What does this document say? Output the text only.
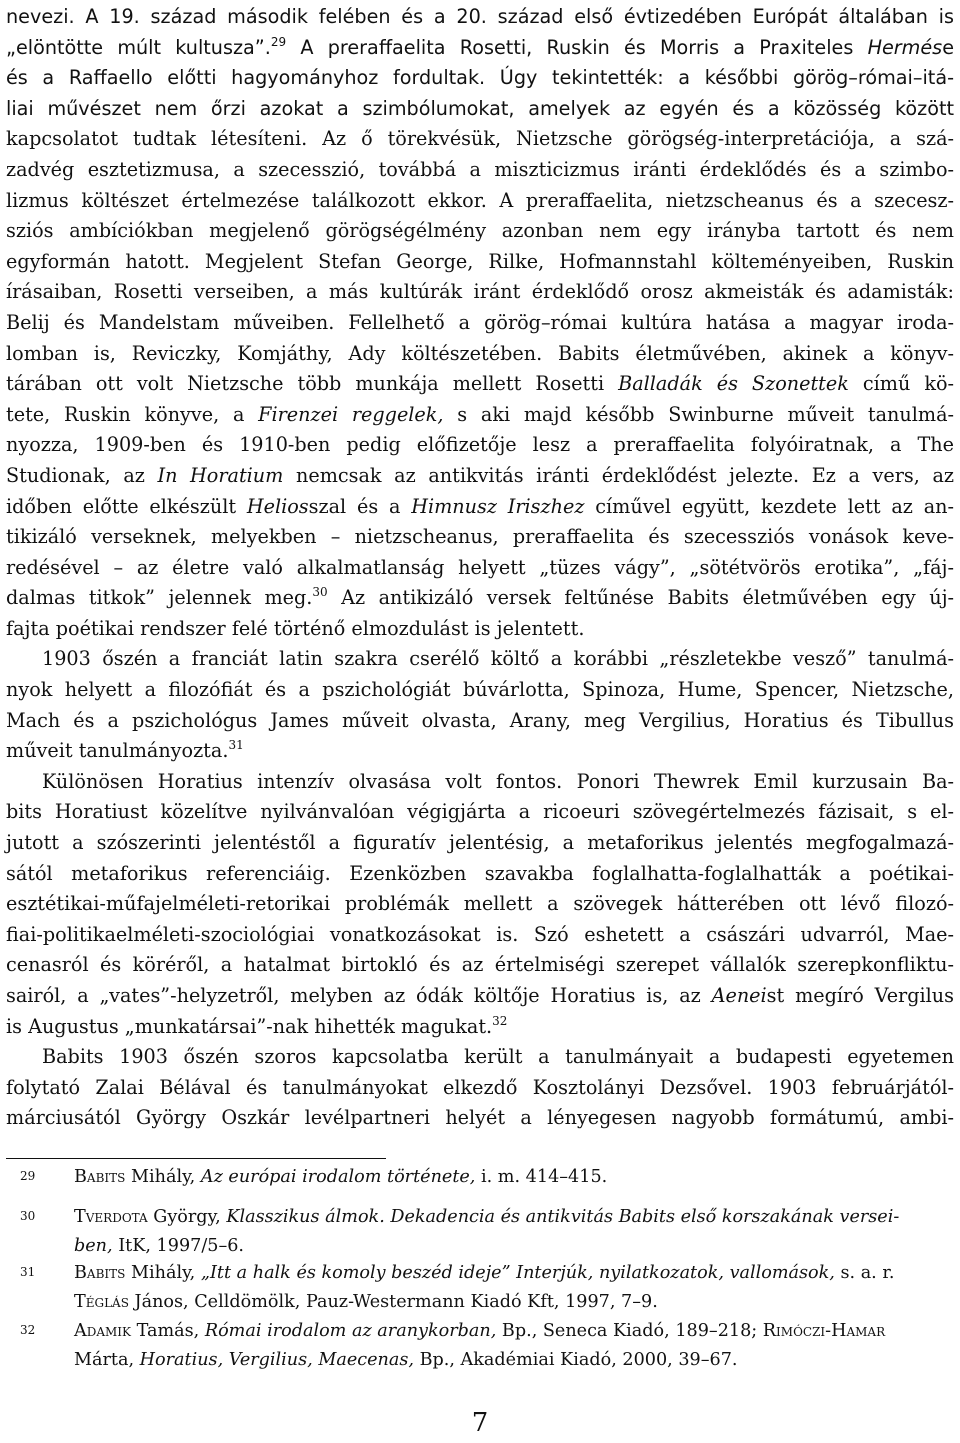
nevezi. A 19. század második felében és a 20. század első évtizedében Európát általában is
„elöntötte múlt kultusza”.$^{29}$ A preraffaelita Rosetti, Ruskin és Morris a Praxiteles Hermése
és a Raffaello előtti hagyományhoz fordultak. Úgy tekintették: a későbbi görög–római–itá-
liai művészet nem őrzi azokat a szimbólumokat, amelyek az egyén és a közösség között
kapcsolatot tudtak létesíteni. Az ő törekvésük, Nietzsche görögség-interpretációja, a szá-
zadvég esztetizmusa, a szecesszió, továbbá a miszticizmus iránti érdeklődés és a szimbo-
lizmus költészet értelmezése találkozott ekkor. A preraffaelita, nietzscheanus és a szecesz-
sziós ambíciókban megjelenő görögségélmény azonban nem egy irányba tartott és nem
egyformán hatott. Megjelent Stefan George, Rilke, Hofmannstahl költeményeiben, Ruskin
írásaiban, Rosetti verseiben, a más kultúrák iránt érdeklődő orosz akmeisták és adamisták:
Belij és Mandelstam műveiben. Fellelhető a görög–római kultúra hatása a magyar iroda-
lomban is, Reviczky, Komjáthy, Ady költészetében. Babits életművében, akinek a könyv-
tárában ott volt Nietzsche több munkája mellett Rosetti Balladák és Szonettek című kö-
tete, Ruskin könyve, a Firenzei reggelek, s aki majd később Swinburne műveit tanulmá-
nyozza, 1909-ben és 1910-ben pedig előfizetője lesz a preraffaelita folyóiratnak, a The
Studionak, az In Horatium nemcsak az antikvitás iránti érdeklődést jelezte. Ez a vers, az
időben előtte elkészült Heliosszal és a Himnusz Iriszhez cíművel együtt, kezdete lett az an-
tikizáló verseknek, melyekben – nietzscheanus, preraffaelita és szecessziós vonások keve-
redésével – az életre való alkalmatlanság helyett „tüzes vágy”, „sötétvörös erotika”, „fáj-
dalmas titkok” jelennek meg.$^{30}$ Az antikizáló versek feltűnése Babits életművében egy új-
fajta poétikai rendszer felé történő elmozdulást is jelentett.
1903 őszén a franciát latin szakra cserélő költő a korábbi „részletekbe vesző” tanulmá-
nyok helyett a filozófiát és a pszichológiát búvárlotta, Spinoza, Hume, Spencer, Nietzsche,
Mach és a pszichológus James műveit olvasta, Arany, meg Vergilius, Horatius és Tibullus
műveit tanulmányozta.$^{31}$
Különösen Horatius intenzív olvasása volt fontos. Ponori Thewrek Emil kurzusain Ba-
bits Horatiust közelítve nyilvánvalóan végigjárta a ricoeuri szövegértelmezés fázisait, s el-
jutott a szószerinti jelentéstől a figuratív jelentésig, a metaforikus jelentés megfogalmazá-
sától metaforikus referenciáig. Ezenközben szavakba foglalhatta-foglalhatták a poétikai-
esztétikai-műfajelméleti-retorikai problémák mellett a szövegek hátterében ott lévő filozó-
fiai-politikaelméleti-szociológiai vonatkozásokat is. Szó eshetett a császári udvarról, Mae-
cenasról és köréről, a hatalmat birtokló és az értelmiségi szerepet vállalók szerepkonfliktu-
sairól, a „vates”-helyzetről, melyben az ódák költője Horatius is, az Aeneist megíró Vergilus
is Augustus „munkatársai”-nak hihették magukat.$^{32}$
Babits 1903 őszén szoros kapcsolatba került a tanulmányait a budapesti egyetemen
folytató Zalai Bélával és tanulmányokat elkezdő Kosztolányi Dezsővel. 1903 februárjától-
márciusától György Oszkár levélpartneri helyét a lényegesen nagyobb formátumú, ambi-
29	Babits Mihály, Az európai irodalom története, i. m. 414–415.
30	Tverdota György, Klasszikus álmok. Dekadencia és antikvitás Babits első korszakának versei-
ben, ItK, 1997/5–6.
31	Babits Mihály, „Itt a halk és komoly beszéd ideje” Interjúk, nyilatkozatok, vallomások, s. a. r.
Téglás János, Celldömölk, Pauz-Westermann Kiadó Kft, 1997, 7–9.
32	Adamik Tamás, Római irodalom az aranykorban, Bp., Seneca Kiadó, 189–218; Rimóczi-Hamar
Márta, Horatius, Vergilius, Maecenas, Bp., Akadémiai Kiadó, 2000, 39–67.
7
